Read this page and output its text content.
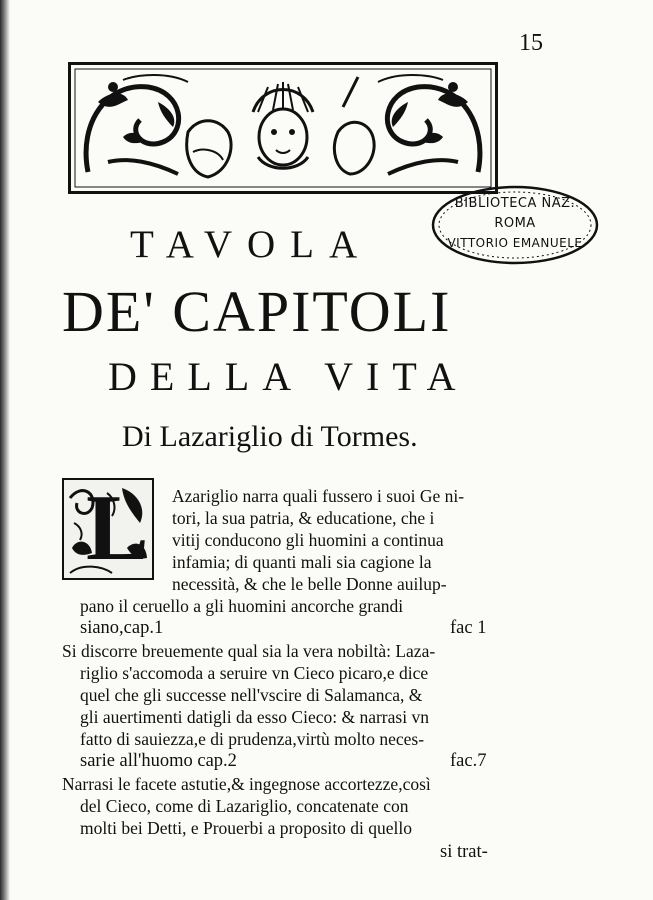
15
BIBLIOTECA NAZ.
ROMA
VITTORIO EMANUELE
TAVOLA
DE' CAPITOLI
DELLA VITA
Di Lazariglio di Tormes.
L Azariglio narra quali fussero i suoi Ge ni-
tori, la sua patria, & educatione, che i
vitij conducono gli huomini a continua
infamia; di quanti mali sia cagione la
necessità, & che le belle Donne auilup-
pano il ceruello a gli huomini ancorche grandi
siano,cap.1	fac 1
Si discorre breuemente qual sia la vera nobiltà: Laza-
riglio s'accomoda a seruire vn Cieco picaro,e dice
quel che gli successe nell'vscire di Salamanca, &
gli auertimenti datigli da esso Cieco: & narrasi vn
fatto di sauiezza,e di prudenza,virtù molto neces-
sarie all'huomo cap.2	fac.7
Narrasi le facete astutie,& ingegnose accortezze,così
del Cieco, come di Lazariglio, concatenate con
molti bei Detti, e Prouerbi a proposito di quello
si trat-
